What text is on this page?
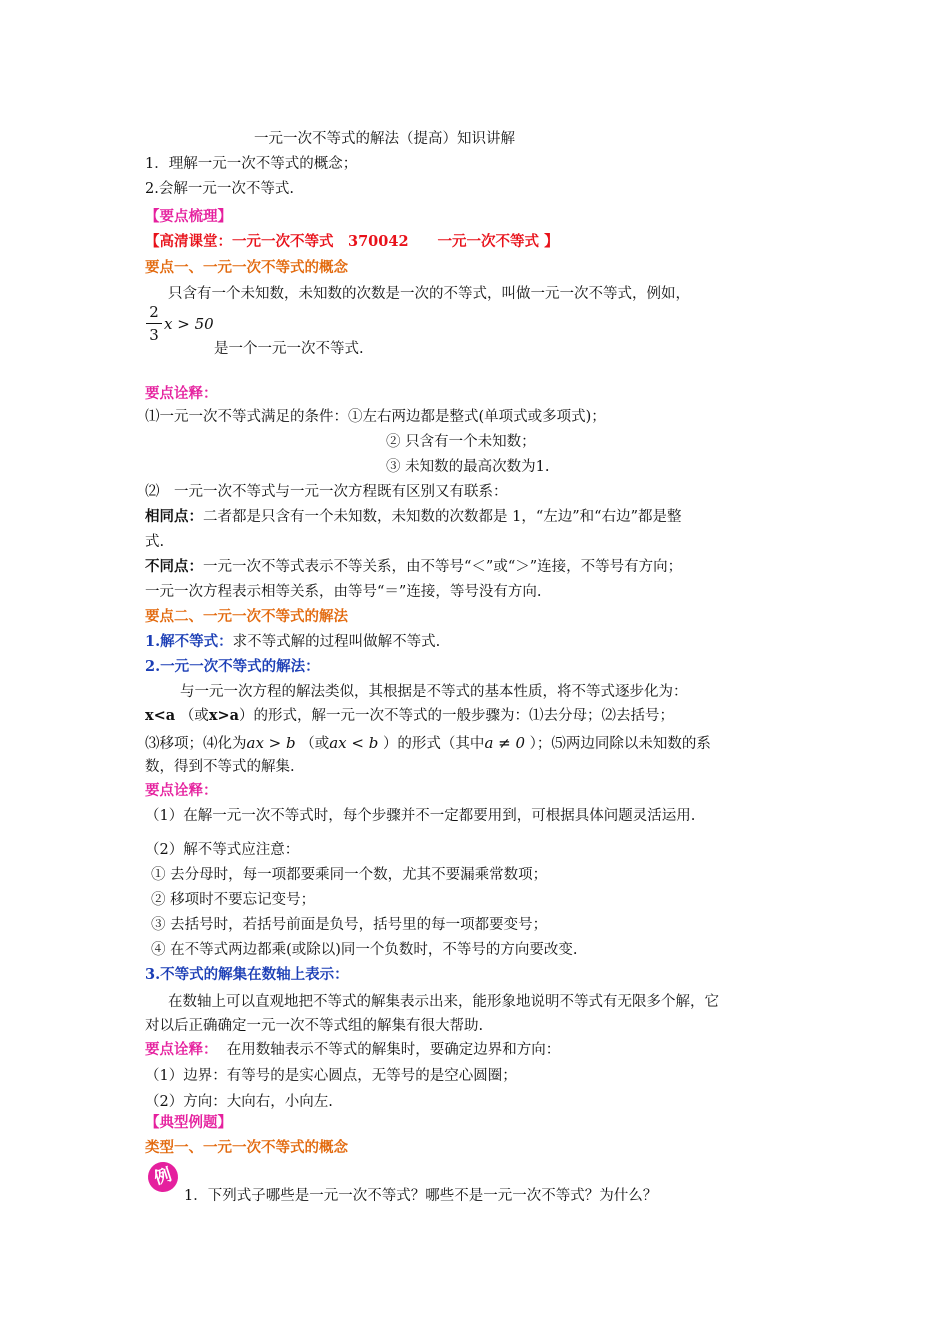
一元一次不等式的解法（提高）知识讲解
1．理解一元一次不等式的概念；
2.会解一元一次不等式.
【要点梳理】
【高清课堂：一元一次不等式　370042　　一元一次不等式 】
要点一、一元一次不等式的概念
只含有一个未知数，未知数的次数是一次的不等式，叫做一元一次不等式，例如，
2
3
x > 50
是一个一元一次不等式.
要点诠释：
⑴一元一次不等式满足的条件：①左右两边都是整式(单项式或多项式)；
② 只含有一个未知数；
③ 未知数的最高次数为1.
⑵　一元一次不等式与一元一次方程既有区别又有联系：
相同点：二者都是只含有一个未知数，未知数的次数都是 1，“左边”和“右边”都是整
式.
不同点：一元一次不等式表示不等关系，由不等号“＜”或“＞”连接，不等号有方向；
一元一次方程表示相等关系，由等号“＝”连接，等号没有方向.
要点二、一元一次不等式的解法
1.解不等式：求不等式解的过程叫做解不等式.
2.一元一次不等式的解法：
与一元一次方程的解法类似，其根据是不等式的基本性质，将不等式逐步化为：
x<a （或x>a）的形式，解一元一次不等式的一般步骤为：⑴去分母；⑵去括号；
⑶移项；⑷化为ax > b （或ax < b ）的形式（其中a ≠ 0 ）；⑸两边同除以未知数的系
数，得到不等式的解集.
要点诠释：
（1）在解一元一次不等式时，每个步骤并不一定都要用到，可根据具体问题灵活运用.
（2）解不等式应注意：
① 去分母时，每一项都要乘同一个数，尤其不要漏乘常数项；
② 移项时不要忘记变号；
③ 去括号时，若括号前面是负号，括号里的每一项都要变号；
④ 在不等式两边都乘(或除以)同一个负数时，不等号的方向要改变.
3.不等式的解集在数轴上表示：
在数轴上可以直观地把不等式的解集表示出来，能形象地说明不等式有无限多个解，它
对以后正确确定一元一次不等式组的解集有很大帮助.
要点诠释： 在用数轴表示不等式的解集时，要确定边界和方向：
（1）边界：有等号的是实心圆点，无等号的是空心圆圈；
（2）方向：大向右，小向左.
【典型例题】
类型一、一元一次不等式的概念
例
1．下列式子哪些是一元一次不等式？哪些不是一元一次不等式？为什么？
